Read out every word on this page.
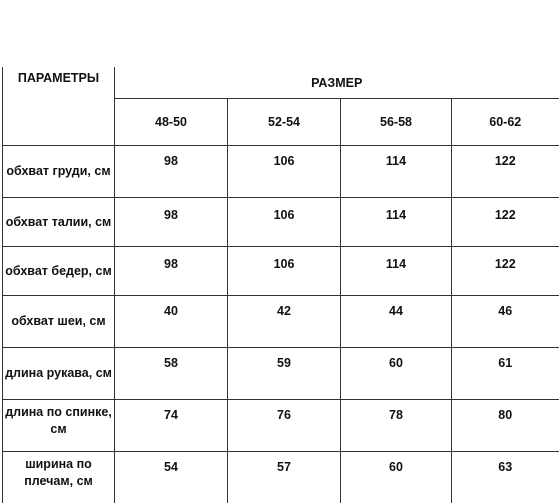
ПАРАМЕТРЫ	РАЗМЕР			
	48-50	52-54	56-58	60-62
обхват груди, см	98	106	114	122
обхват талии, см	98	106	114	122
обхват бедер, см	98	106	114	122
обхват шеи, см	40	42	44	46
длина рукава, см	58	59	60	61
длина по спинке, см	74	76	78	80
ширина по плечам, см	54	57	60	63
